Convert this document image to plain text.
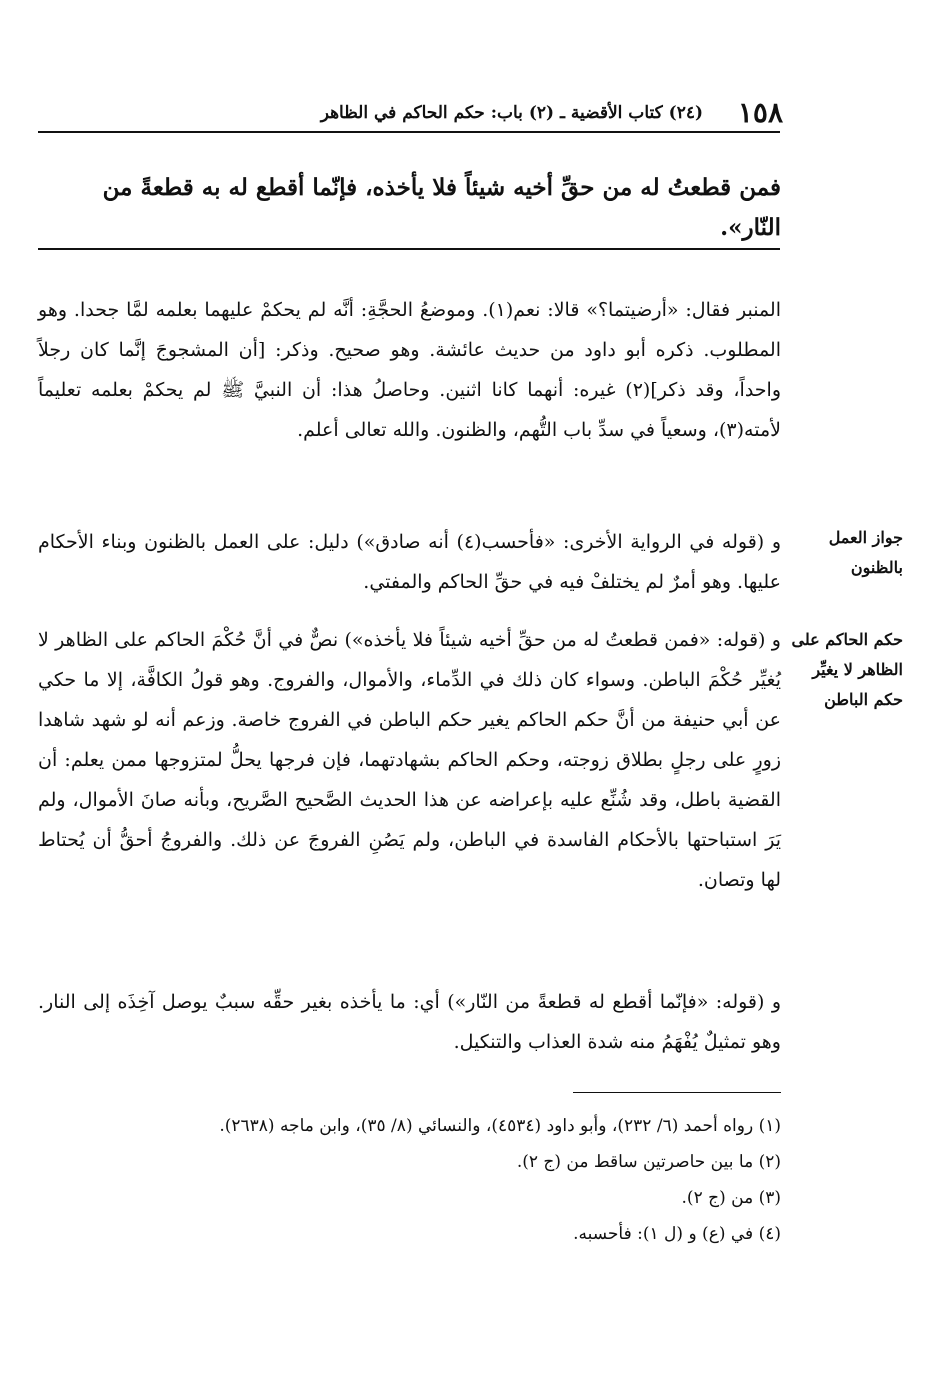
١٥٨
(٢٤) كتاب الأقضية ـ (٢) باب: حكم الحاكم في الظاهر
فمن قطعتُ له من حقِّ أخيه شيئاً فلا يأخذه، فإنّما أقطع له به قطعةً من النّار».

المنبر فقال: «أرضيتما؟» قالا: نعم(١). وموضعُ الحجَّةِ: أنَّه لم يحكمْ عليهما بعلمه لمَّا جحدا. وهو المطلوب. ذكره أبو داود من حديث عائشة. وهو صحيح. وذكر: [أن المشجوجَ إنَّما كان رجلاً واحداً، وقد ذكر](٢) غيره: أنهما كانا اثنين. وحاصلُ هذا: أن النبيَّ ﷺ لم يحكمْ بعلمه تعليماً لأمته(٣)، وسعياً في سدِّ باب التُّهم، والظنون. والله تعالى أعلم.

جواز العمل بالظنون

و (قوله في الرواية الأخرى: «فأحسب(٤) أنه صادق») دليل: على العمل بالظنون وبناء الأحكام عليها. وهو أمرٌ لم يختلفْ فيه في حقِّ الحاكم والمفتي.

حكم الحاكم على الظاهر لا يغيِّر حكم الباطن

و (قوله: «فمن قطعتُ له من حقِّ أخيه شيئاً فلا يأخذه») نصٌّ في أنَّ حُكْمَ الحاكم على الظاهر لا يُغيِّر حُكْمَ الباطن. وسواء كان ذلك في الدِّماء، والأموال، والفروج. وهو قولُ الكافَّة، إلا ما حكي عن أبي حنيفة من أنَّ حكم الحاكم يغير حكم الباطن في الفروج خاصة. وزعم أنه لو شهد شاهدا زورٍ على رجلٍ بطلاق زوجته، وحكم الحاكم بشهادتهما، فإن فرجها يحلُّ لمتزوجها ممن يعلم: أن القضية باطل، وقد شُنِّع عليه بإعراضه عن هذا الحديث الصَّحيح الصَّريح، وبأنه صانَ الأموال، ولم يَرَ استباحتها بالأحكام الفاسدة في الباطن، ولم يَصُنِ الفروجَ عن ذلك. والفروجُ أحقُّ أن يُحتاط لها وتصان.

و (قوله: «فإنّما أقطع له قطعةً من النّار») أي: ما يأخذه بغير حقِّه سببٌ يوصل آخِذَه إلى النار. وهو تمثيلٌ يُفْهَمُ منه شدة العذاب والتنكيل.

(١) رواه أحمد (٦/ ٢٣٢)، وأبو داود (٤٥٣٤)، والنسائي (٨/ ٣٥)، وابن ماجه (٢٦٣٨).
(٢) ما بين حاصرتين ساقط من (ج ٢).
(٣) من (ج ٢).
(٤) في (ع) و (ل ١): فأحسبه.
